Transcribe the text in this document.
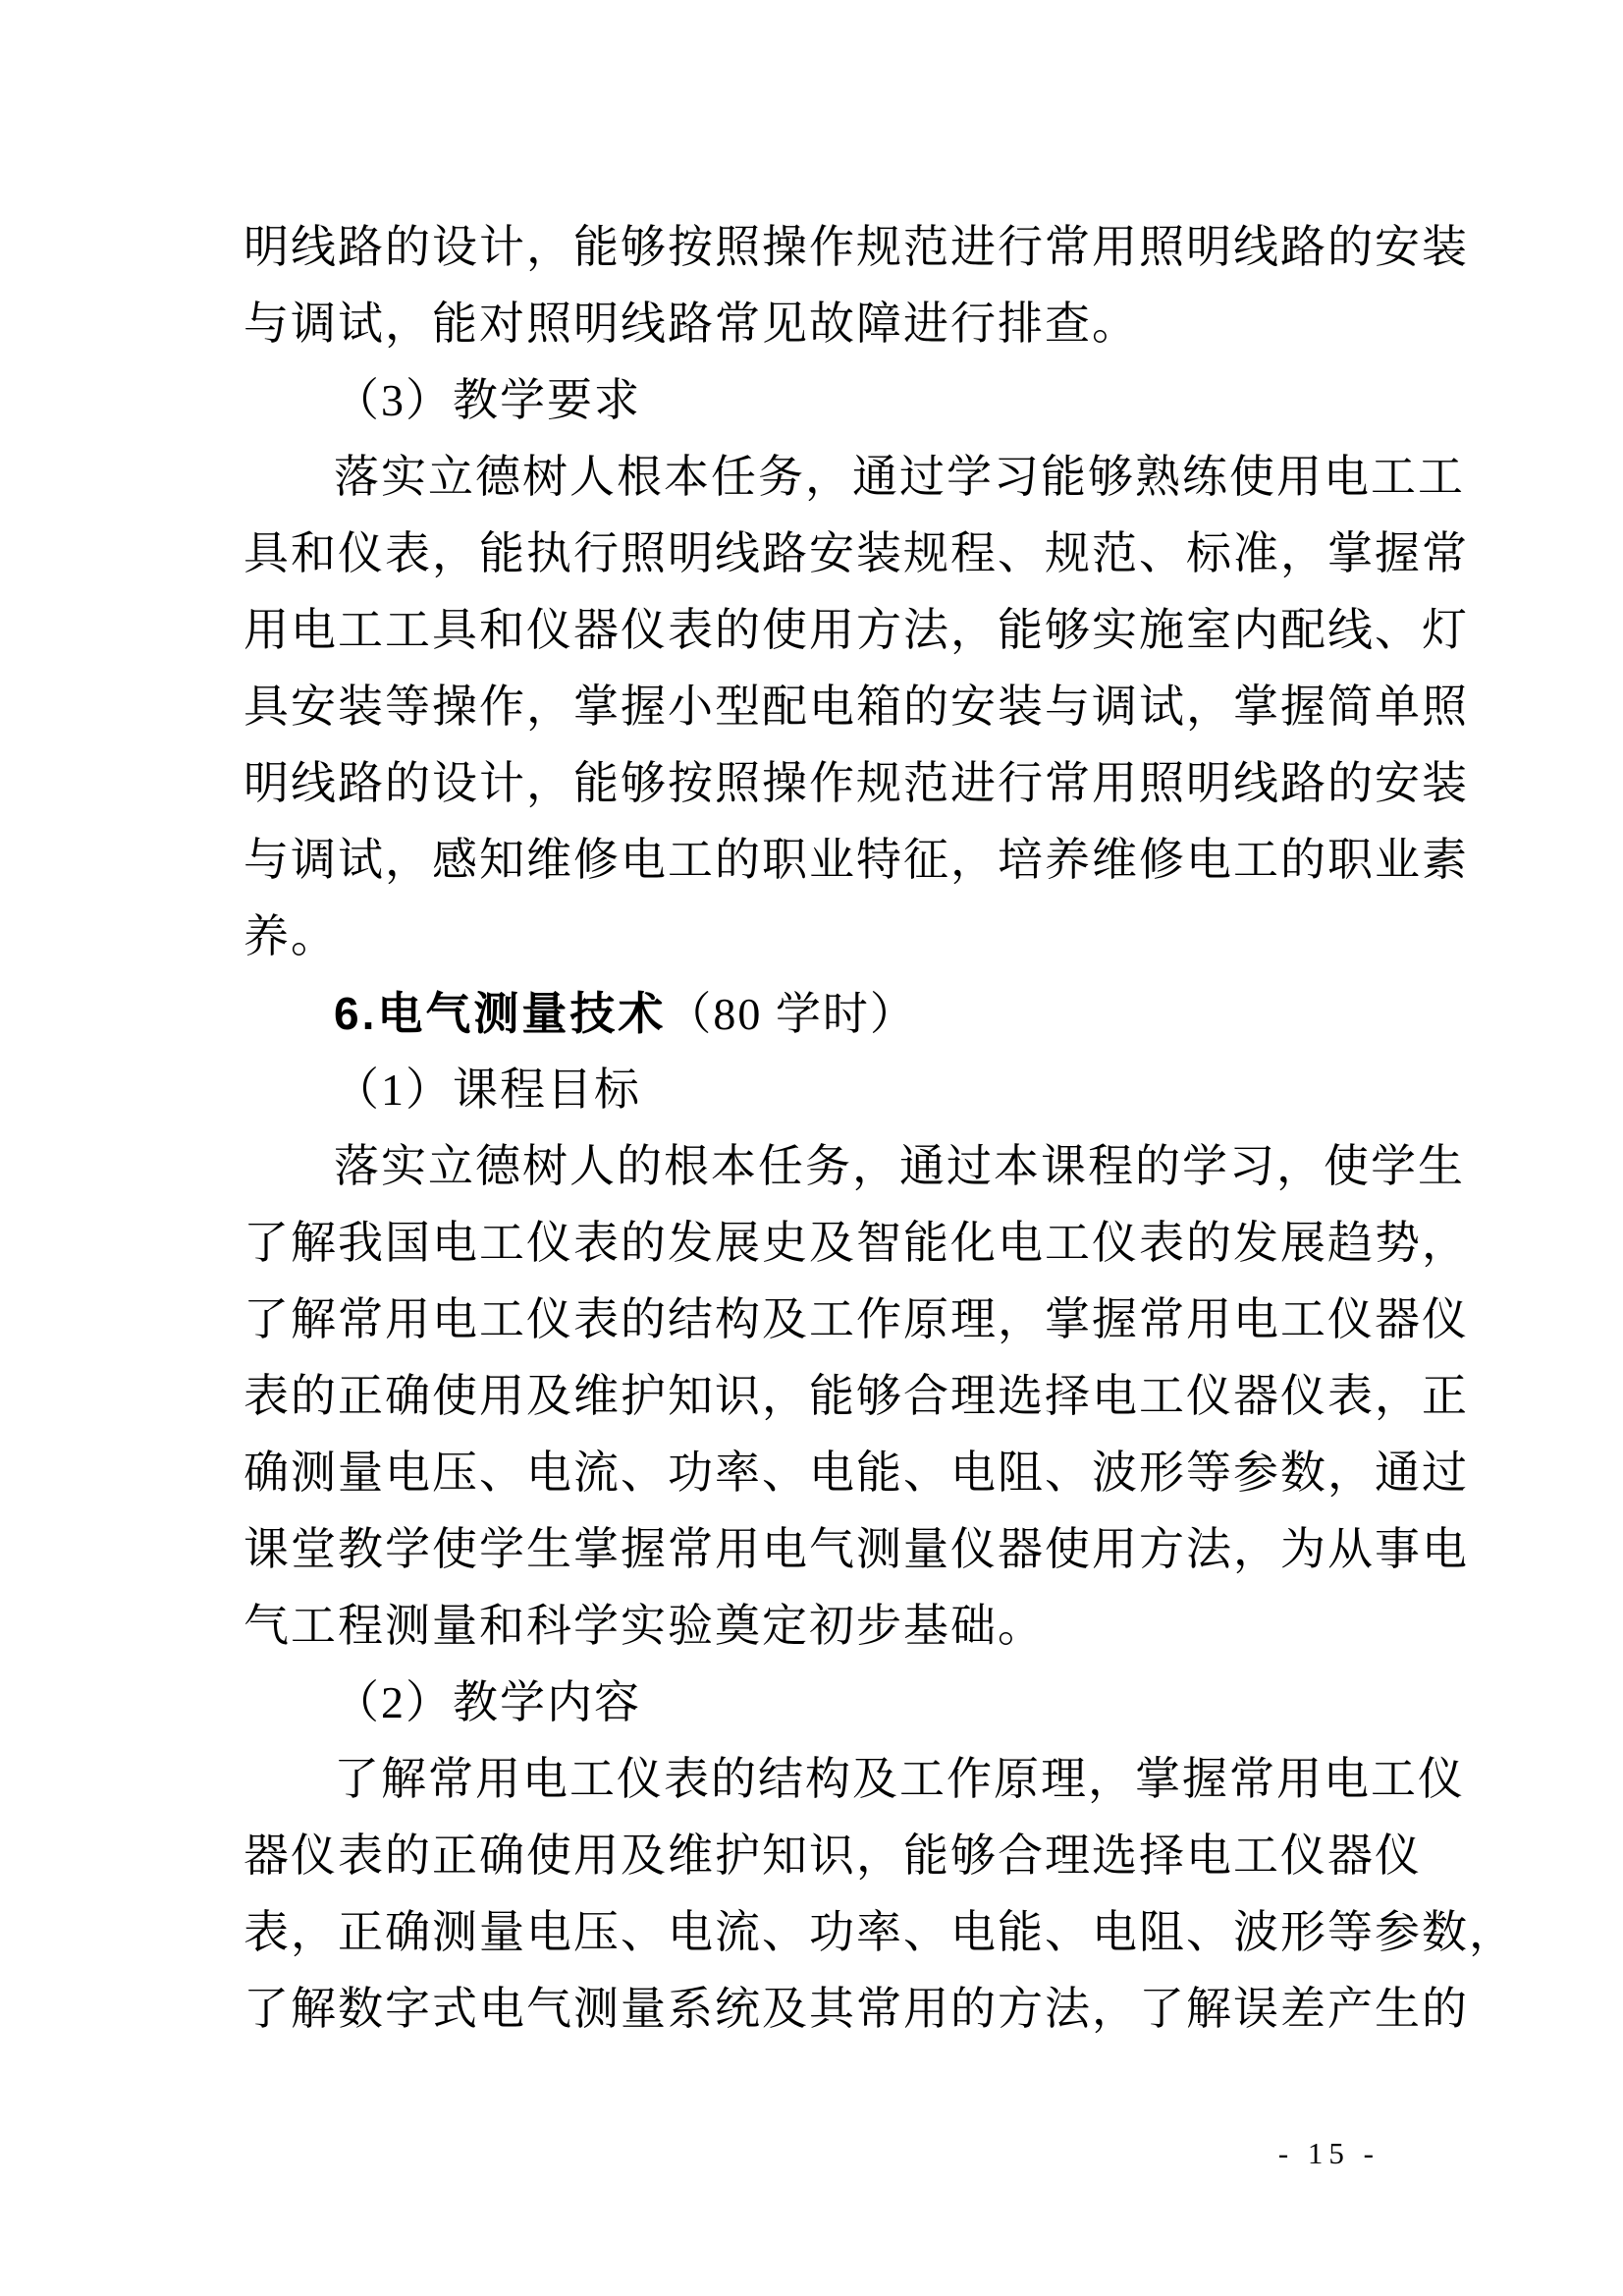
明线路的设计，能够按照操作规范进行常用照明线路的安装
与调试，能对照明线路常见故障进行排查。
（3）教学要求
落实立德树人根本任务，通过学习能够熟练使用电工工
具和仪表，能执行照明线路安装规程、规范、标准，掌握常
用电工工具和仪器仪表的使用方法，能够实施室内配线、灯
具安装等操作，掌握小型配电箱的安装与调试，掌握简单照
明线路的设计，能够按照操作规范进行常用照明线路的安装
与调试，感知维修电工的职业特征，培养维修电工的职业素
养。
6.电气测量技术（80 学时）
（1）课程目标
落实立德树人的根本任务，通过本课程的学习，使学生
了解我国电工仪表的发展史及智能化电工仪表的发展趋势，
了解常用电工仪表的结构及工作原理，掌握常用电工仪器仪
表的正确使用及维护知识，能够合理选择电工仪器仪表，正
确测量电压、电流、功率、电能、电阻、波形等参数，通过
课堂教学使学生掌握常用电气测量仪器使用方法，为从事电
气工程测量和科学实验奠定初步基础。
（2）教学内容
了解常用电工仪表的结构及工作原理，掌握常用电工仪
器仪表的正确使用及维护知识，能够合理选择电工仪器仪
表，正确测量电压、电流、功率、电能、电阻、波形等参数，
了解数字式电气测量系统及其常用的方法，了解误差产生的
- 15 -
